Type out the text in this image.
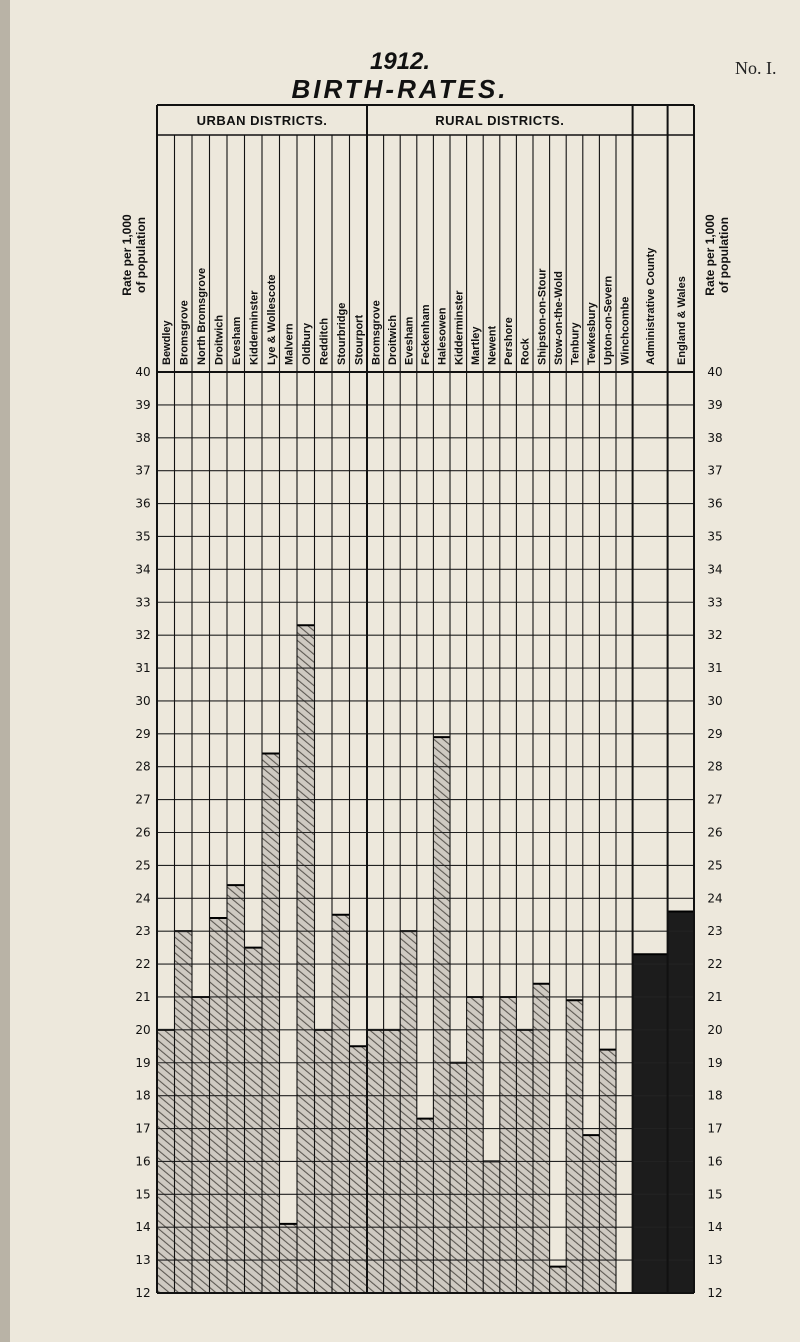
1912.
BIRTH-RATES.
No. I.
URBAN DISTRICTS.	RURAL DISTRICTS.
Bewdley Bromsgrove North Bromsgrove Droitwich Evesham Kidderminster Lye & Wollescote Malvern Oldbury Redditch Stourbridge Stourport Bromsgrove Droitwich Evesham Feckenham Halesowen Kidderminster Martley Newent Pershore Rock Shipston-on-Stour Stow-on-the-Wold Tenbury Tewkesbury Upton-on-Severn Winchcombe Administrative County England & Wales
12	12
13	13
14	14
15	15
16	16
17	17
18	18
19	19
20	20
21	21
22	22
23	23
24	24
25	25
26	26
27	27
28	28
29	29
30	30
31	31
32	32
33	33
34	34
35	35
36	36
37	37
38	38
39	39
40	40
Rate per 1,000of population	Rate per 1,000of population
